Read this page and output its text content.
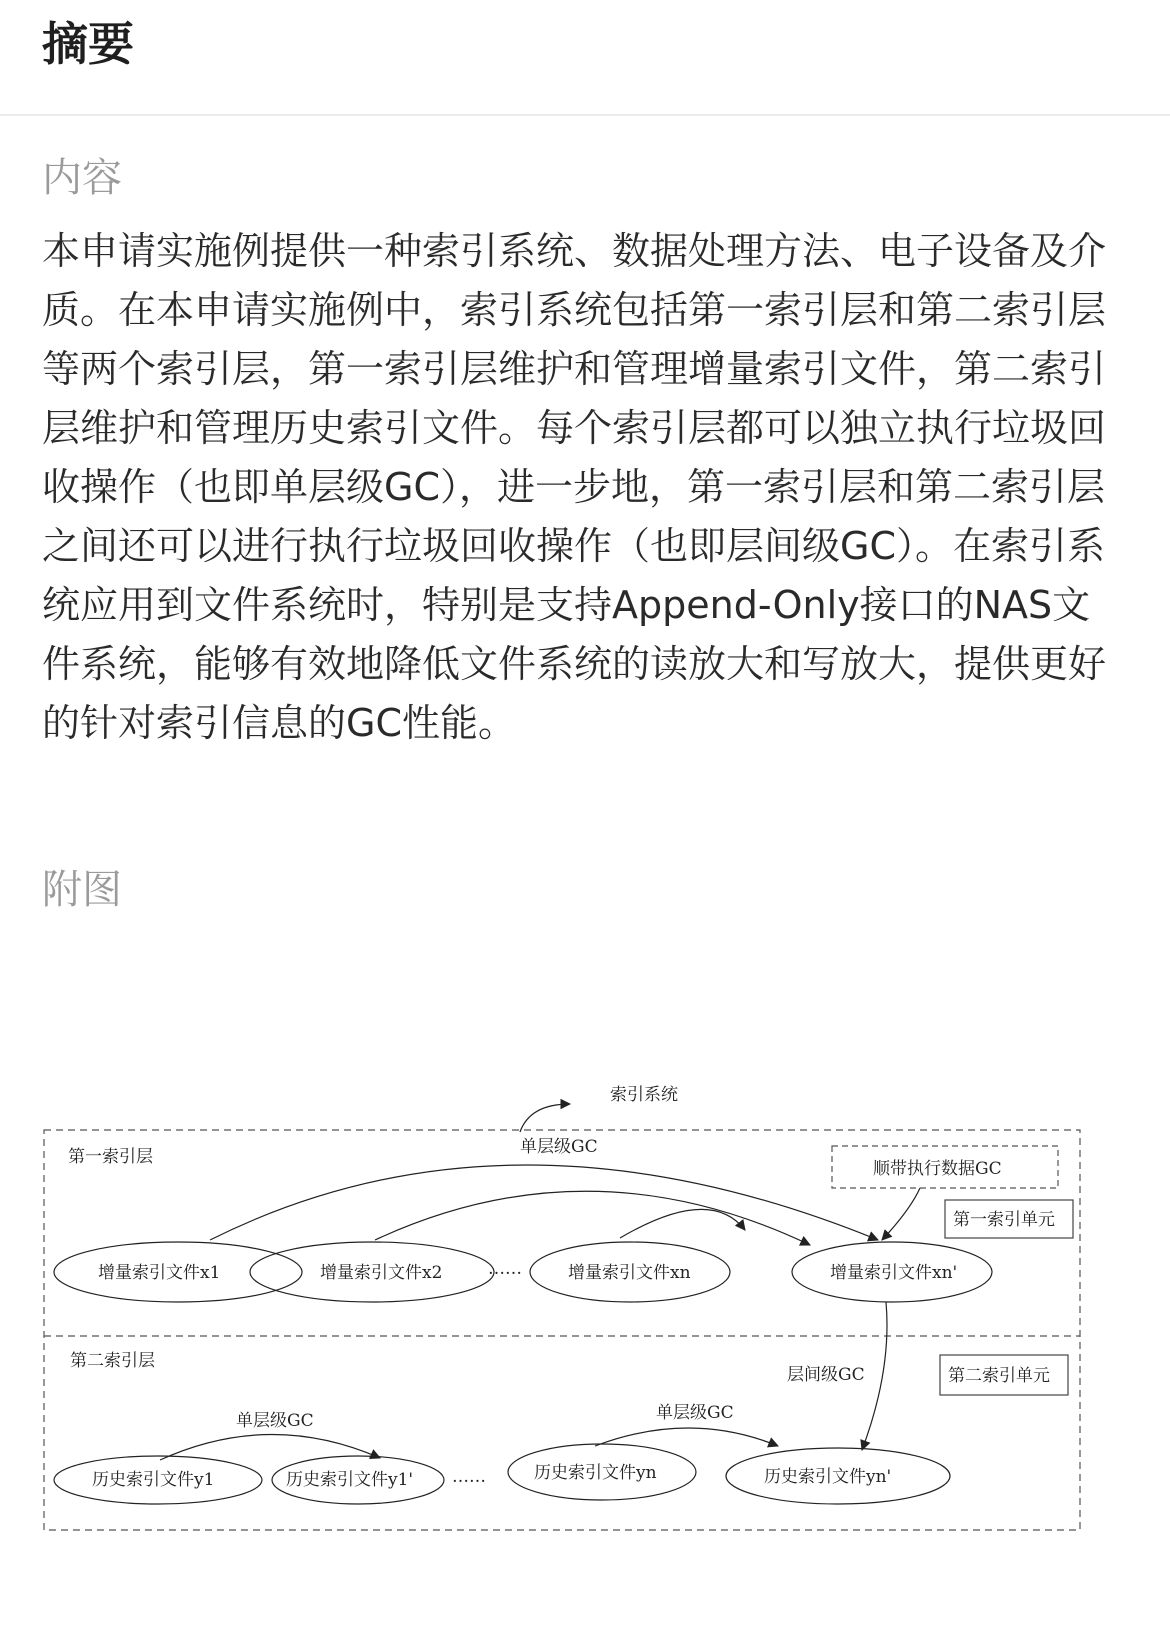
摘要
内容

本申请实施例提供一种索引系统、数据处理方法、电子设备及介质。在本申请实施例中，索引系统包括第一索引层和第二索引层等两个索引层，第一索引层维护和管理增量索引文件，第二索引层维护和管理历史索引文件。每个索引层都可以独立执行垃圾回收操作（也即单层级GC），进一步地，第一索引层和第二索引层之间还可以进行执行垃圾回收操作（也即层间级GC）。在索引系统应用到文件系统时，特别是支持Append-Only接口的NAS文件系统，能够有效地降低文件系统的读放大和写放大，提供更好的针对索引信息的GC性能。

附图
索引系统
第一索引层	单层级GC
顺带执行数据GC
第一索引单元
增量索引文件x1	增量索引文件x2	……	增量索引文件xn	增量索引文件xn'
层间级GC
第二索引层
第二索引单元
单层级GC	单层级GC
历史索引文件y1	历史索引文件y1' ……	历史索引文件yn	历史索引文件yn'
